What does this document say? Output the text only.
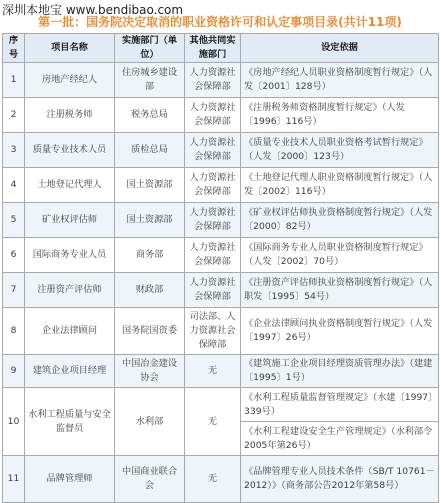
深圳本地宝 www.bendibao.com
第一批：国务院决定取消的职业资格许可和认定事项目录(共计11项)
序号	项目名称	实施部门（单位）	其他共同实施部门	设定依据
1	房地产经纪人	住房城乡建设部	人力资源社会保障部	《房地产经纪人员职业资格制度暂行规定》（人发〔2001〕128号）
2	注册税务师	税务总局	人力资源社会保障部	《注册税务师资格制度暂行规定》（人发〔1996〕116号）
3	质量专业技术人员	质检总局	人力资源社会保障部	《质量专业技术人员职业资格考试暂行规定》（人发〔2000〕123号）
4	土地登记代理人	国土资源部	人力资源社会保障部	《土地登记代理人职业资格制度暂行规定》（人发〔2002〕116号）
5	矿业权评估师	国土资源部	人力资源社会保障部	《矿业权评估师执业资格制度暂行规定》（人发〔2000〕82号）
6	国际商务专业人员	商务部	人力资源社会保障部	《国际商务专业人员职业资格制度暂行规定》（人发〔2002〕70号）
7	注册资产评估师	财政部	人力资源社会保障部	《注册资产评估师执业资格制度暂行规定》（人职发〔1995〕54号）
8	企业法律顾问	国务院国资委	司法部、人力资源社会保障部	《企业法律顾问执业资格制度暂行规定》（人发〔1997〕26号）
9	建筑企业项目经理	中国冶金建设协会	无	《建筑施工企业项目经理资质管理办法》（建建〔1995〕1号）
10	水利工程质量与安全监督员	水利部	无	《水利工程质量监督管理规定》（水建〔1997〕339号）
				《水利工程建设安全生产管理规定》（水利部令2005年第26号）
11	品牌管理师	中国商业联合会	无	《品牌管理专业人员技术条件（SB/T 10761－2012）》（商务部公告2012年第58号）
